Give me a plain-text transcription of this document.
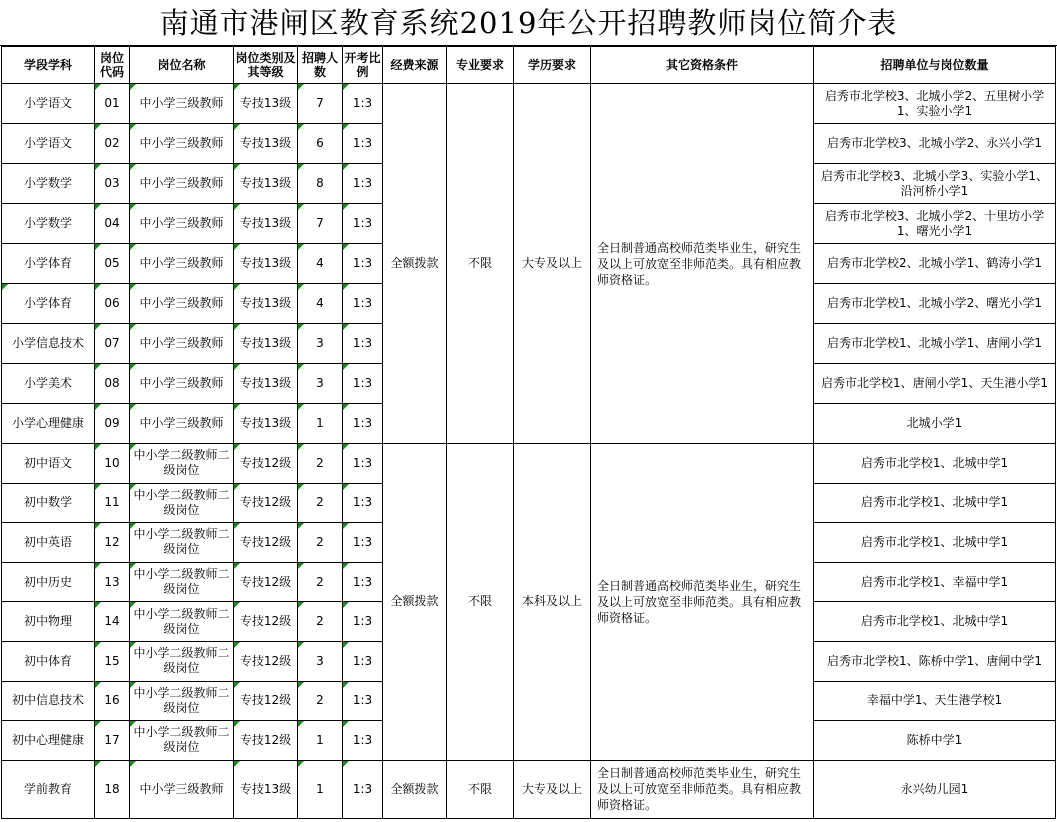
南通市港闸区教育系统2019年公开招聘教师岗位简介表
学段学科	岗位代码	岗位名称	岗位类别及其等级	招聘人数	开考比例	经费来源	专业要求	学历要求	其它资格条件	招聘单位与岗位数量
小学语文	01	中小学三级教师	专技13级	7	1:3	全额拨款	不限	大专及以上	全日制普通高校师范类毕业生，研究生及以上可放宽至非师范类。具有相应教师资格证。	启秀市北学校3、北城小学2、五里树小学1、实验小学1
小学语文	02	中小学三级教师	专技13级	6	1:3					启秀市北学校3、北城小学2、永兴小学1
小学数学	03	中小学三级教师	专技13级	8	1:3					启秀市北学校3、北城小学3、实验小学1、沿河桥小学1
小学数学	04	中小学三级教师	专技13级	7	1:3					启秀市北学校3、北城小学2、十里坊小学1、曙光小学1
小学体育	05	中小学三级教师	专技13级	4	1:3					启秀市北学校2、北城小学1、鹤涛小学1
小学体育	06	中小学三级教师	专技13级	4	1:3					启秀市北学校1、北城小学2、曙光小学1
小学信息技术	07	中小学三级教师	专技13级	3	1:3					启秀市北学校1、北城小学1、唐闸小学1
小学美术	08	中小学三级教师	专技13级	3	1:3					启秀市北学校1、唐闸小学1、天生港小学1
小学心理健康	09	中小学三级教师	专技13级	1	1:3					北城小学1
初中语文	10	中小学二级教师二级岗位	专技12级	2	1:3	全额拨款	不限	本科及以上	全日制普通高校师范类毕业生，研究生及以上可放宽至非师范类。具有相应教师资格证。	启秀市北学校1、北城中学1
初中数学	11	中小学二级教师二级岗位	专技12级	2	1:3					启秀市北学校1、北城中学1
初中英语	12	中小学二级教师二级岗位	专技12级	2	1:3					启秀市北学校1、北城中学1
初中历史	13	中小学二级教师二级岗位	专技12级	2	1:3					启秀市北学校1、幸福中学1
初中物理	14	中小学二级教师二级岗位	专技12级	2	1:3					启秀市北学校1、北城中学1
初中体育	15	中小学二级教师二级岗位	专技12级	3	1:3					启秀市北学校1、陈桥中学1、唐闸中学1
初中信息技术	16	中小学二级教师二级岗位	专技12级	2	1:3					幸福中学1、天生港学校1
初中心理健康	17	中小学二级教师二级岗位	专技12级	1	1:3					陈桥中学1
学前教育	18	中小学三级教师	专技13级	1	1:3	全额拨款	不限	大专及以上	全日制普通高校师范类毕业生，研究生及以上可放宽至非师范类。具有相应教师资格证。	永兴幼儿园1
